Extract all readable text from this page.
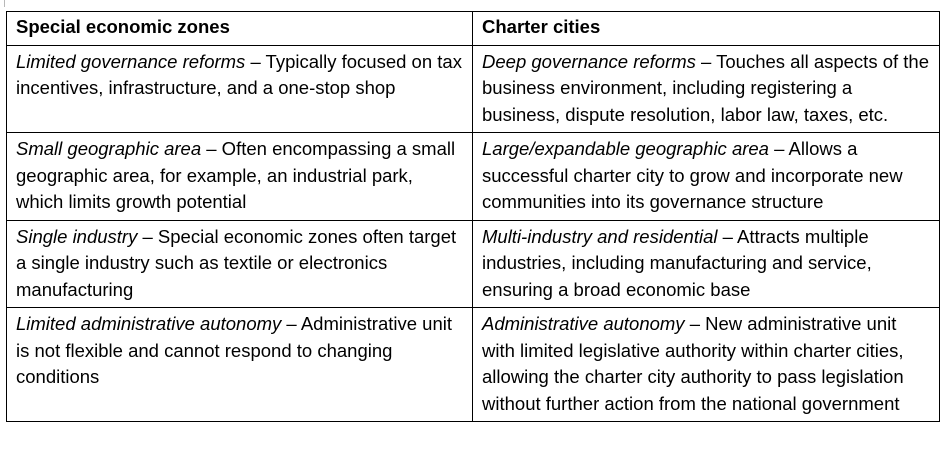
Special economic zones	Charter cities
Limited governance reforms – Typically focused on tax incentives, infrastructure, and a one-stop shop	Deep governance reforms – Touches all aspects of the business environment, including registering a business, dispute resolution, labor law, taxes, etc.
Small geographic area – Often encompassing a small geographic area, for example, an industrial park, which limits growth potential	Large/expandable geographic area – Allows a successful charter city to grow and incorporate new communities into its governance structure
Single industry – Special economic zones often target a single industry such as textile or electronics manufacturing	Multi-industry and residential – Attracts multiple industries, including manufacturing and service, ensuring a broad economic base
Limited administrative autonomy – Administrative unit is not flexible and cannot respond to changing conditions	Administrative autonomy – New administrative unit with limited legislative authority within charter cities, allowing the charter city authority to pass legislation without further action from the national government
